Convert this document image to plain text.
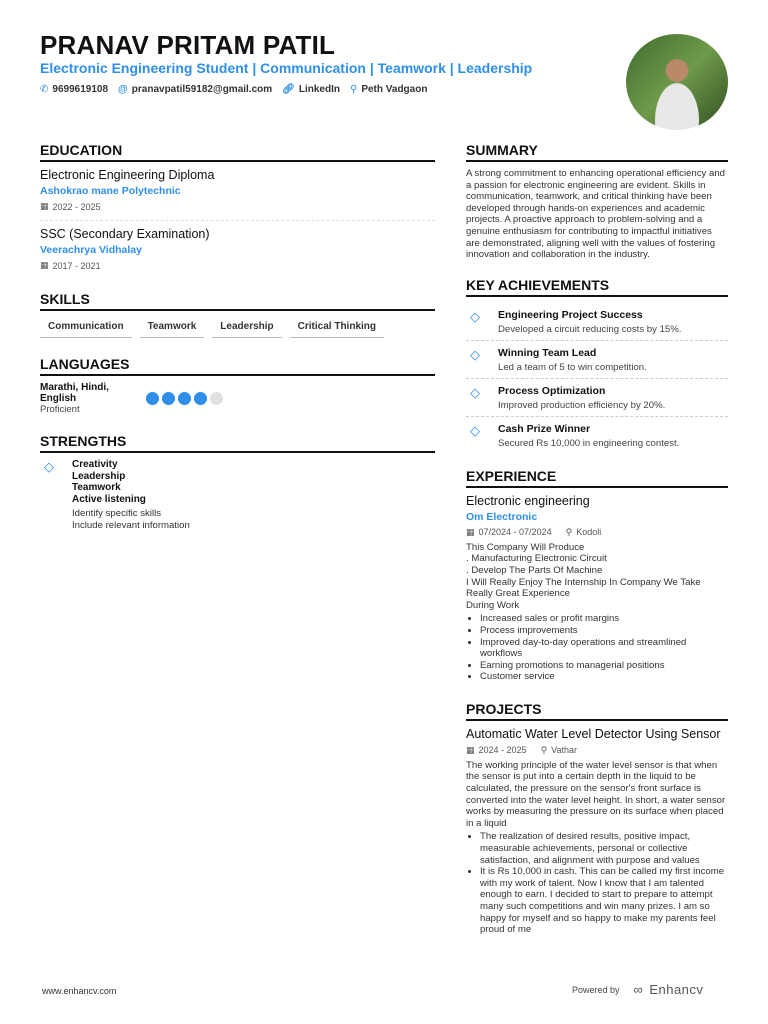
PRANAV PRITAM PATIL
Electronic Engineering Student | Communication | Teamwork | Leadership
✆ 9699619108 @ pranavpatil59182@gmail.com 🔗︎ LinkedIn ⚲ Peth Vadgaon
EDUCATION
Electronic Engineering Diploma
Ashokrao mane Polytechnic
▦ 2022 - 2025
SSC (Secondary Examination)
Veerachrya Vidhalay
▦ 2017 - 2021
SKILLS
Communication	Teamwork	Leadership	Critical Thinking
LANGUAGES
Marathi, Hindi, English
Proficient
STRENGTHS
◇	Creativity
Leadership
Teamwork
Active listening
Identify specific skills
Include relevant information
SUMMARY
A strong commitment to enhancing operational efficiency and a passion for electronic engineering are evident. Skills in communication, teamwork, and critical thinking have been developed through hands-on experiences and academic projects. A proactive approach to problem-solving and a genuine enthusiasm for contributing to impactful initiatives are demonstrated, aligning well with the values of fostering innovation and collaboration in the industry.
KEY ACHIEVEMENTS
◇	Engineering Project Success
Developed a circuit reducing costs by 15%.
◇	Winning Team Lead
Led a team of 5 to win competition.
◇	Process Optimization
Improved production efficiency by 20%.
◇	Cash Prize Winner
Secured Rs 10,000 in engineering contest.
EXPERIENCE
Electronic engineering
Om Electronic
▦ 07/2024 - 07/2024 ⚲ Kodoli
This Company Will Produce
. Manufacturing Electronic Circuit
. Develop The Parts Of Machine
I Will Really Enjoy The Internship In Company We Take Really Great Experience
During Work
• Increased sales or profit margins
• Process improvements
• Improved day-to-day operations and streamlined workflows
• Earning promotions to managerial positions
• Customer service
PROJECTS
Automatic Water Level Detector Using Sensor
▦ 2024 - 2025 ⚲ Vathar
The working principle of the water level sensor is that when the sensor is put into a certain depth in the liquid to be calculated, the pressure on the sensor's front surface is converted into the water level height. In short, a water sensor works by measuring the pressure on its surface when placed in a liquid
• The realization of desired results, positive impact, measurable achievements, personal or collective satisfaction, and alignment with purpose and values
• It is Rs 10,000 in cash. This can be called my first income with my work of talent. Now I know that I am talented enough to earn. I decided to start to prepare to attempt many such competitions and win many prizes. I am so happy for myself and so happy to make my parents feel proud of me
www.enhancv.com	Powered by ∞ Enhancv
